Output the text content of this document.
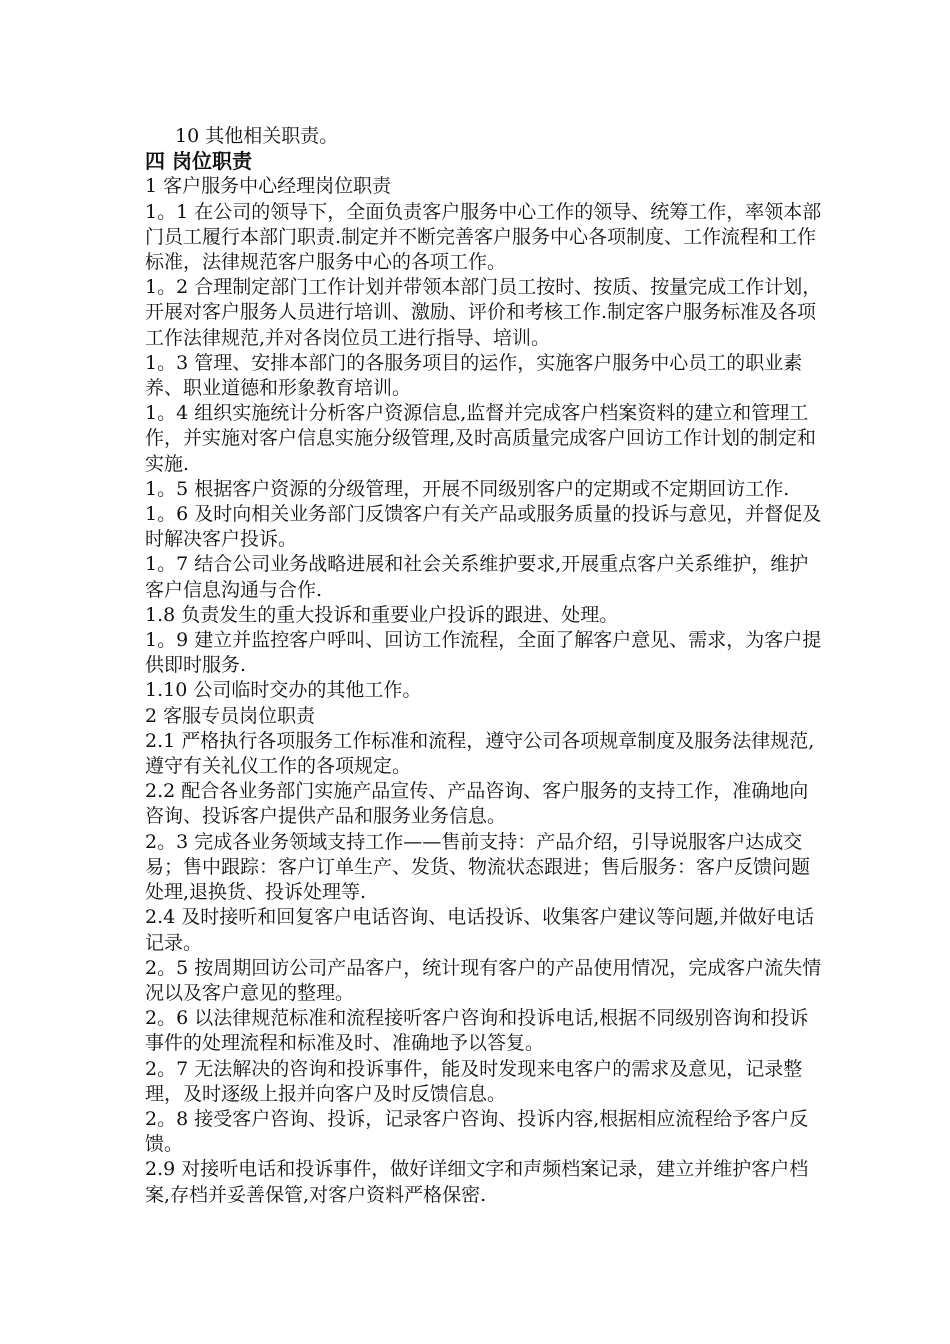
10 其他相关职责。

四 岗位职责

1 客户服务中心经理岗位职责

1。1 在公司的领导下，全面负责客户服务中心工作的领导、统筹工作，率领本部门员工履行本部门职责.制定并不断完善客户服务中心各项制度、工作流程和工作标准，法律规范客户服务中心的各项工作。

1。2 合理制定部门工作计划并带领本部门员工按时、按质、按量完成工作计划，开展对客户服务人员进行培训、激励、评价和考核工作.制定客户服务标准及各项工作法律规范,并对各岗位员工进行指导、培训。

1。3 管理、安排本部门的各服务项目的运作，实施客户服务中心员工的职业素养、职业道德和形象教育培训。

1。4 组织实施统计分析客户资源信息,监督并完成客户档案资料的建立和管理工作，并实施对客户信息实施分级管理,及时高质量完成客户回访工作计划的制定和实施.

1。5 根据客户资源的分级管理，开展不同级别客户的定期或不定期回访工作.

1。6 及时向相关业务部门反馈客户有关产品或服务质量的投诉与意见，并督促及时解决客户投诉。

1。7 结合公司业务战略进展和社会关系维护要求,开展重点客户关系维护，维护客户信息沟通与合作.

1.8 负责发生的重大投诉和重要业户投诉的跟进、处理。

1。9 建立并监控客户呼叫、回访工作流程，全面了解客户意见、需求，为客户提供即时服务.

1.10 公司临时交办的其他工作。

2 客服专员岗位职责

2.1 严格执行各项服务工作标准和流程，遵守公司各项规章制度及服务法律规范,遵守有关礼仪工作的各项规定。

2.2 配合各业务部门实施产品宣传、产品咨询、客户服务的支持工作，准确地向咨询、投诉客户提供产品和服务业务信息。

2。3 完成各业务领域支持工作——售前支持：产品介绍，引导说服客户达成交易；售中跟踪：客户订单生产、发货、物流状态跟进；售后服务：客户反馈问题处理,退换货、投诉处理等.

2.4 及时接听和回复客户电话咨询、电话投诉、收集客户建议等问题,并做好电话记录。

2。5 按周期回访公司产品客户，统计现有客户的产品使用情况，完成客户流失情况以及客户意见的整理。

2。6 以法律规范标准和流程接听客户咨询和投诉电话,根据不同级别咨询和投诉事件的处理流程和标准及时、准确地予以答复。

2。7 无法解决的咨询和投诉事件，能及时发现来电客户的需求及意见，记录整理，及时逐级上报并向客户及时反馈信息。

2。8 接受客户咨询、投诉，记录客户咨询、投诉内容,根据相应流程给予客户反馈。

2.9 对接听电话和投诉事件，做好详细文字和声频档案记录，建立并维护客户档案,存档并妥善保管,对客户资料严格保密.
